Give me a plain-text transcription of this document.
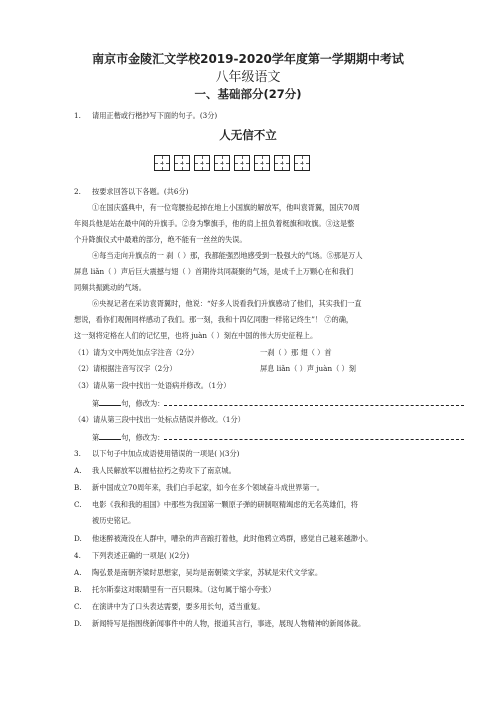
南京市金陵汇文学校2019-2020学年度第一学期期中考试
八年级语文
一、基础部分(27分)
1. 请用正楷或行楷抄写下面的句子。(3分)
人无信不立
2. 按要求回答以下各题。(共6分)
①在国庆盛典中，有一位弯腰捡起掉在地上小国旗的解放军，他叫袁胥翼，国庆70周
年阅兵他是站在最中间的升旗手。②身为擎旗手，他的肩上扭负着梃旗和收旗。③这是整
个升降旗仪式中最难的部分，绝不能有一丝丝的失误。
④每当走向升旗点的一 刹（ ）那，我都能强烈地感受到一股强大的气场。⑤那是万人
屏息 liǎn（ ）声后巨大震撼与翅（ ）首期待共同凝聚的气场，是成千上万颗心在和我们
同频共振跳动的气场。
⑥央视记者在采访袁胥翼时，他说：“好多人说看我们升旗感动了他们，其实我们一直
想说，看你们观佣同样感动了我们。那一刻，我和十四亿同胞一样铭记终生”！ ⑦的确，
这一刻将定格在人们的记忆里，也将 juàn（ ）刻在中国的伟大历史征程上。
（1）请为文中两处加点字注音（2分）	一刹（ ）那 翅（ ）首
（2）请根据注音写汉字（2分）	屏息 liǎn（ ）声 juàn（ ）刻
（3）请从第一段中找出一处语病并修改。（1分）
第	句，修改为：
（4）请从第三段中找出一处标点错误并修改。（1分）
第	句，修改为：
3. 以下句子中加点成语使用错误的一项是( )(3分)
A. 我人民解放军以摧枯拉朽之势攻下了南京城。
B. 新中国成立70周年来，我们白手起家，如今在多个领域奋斗成世界第一。
C. 电影《我和我的祖国》中那些为我国第一颗原子弹的研制呕精竭虑的无名英雄们，将
被历史铭记。
D. 他迷醉被淹没在人群中，嘈杂的声音踉打着他，此时他鸦立鸡群，感觉自己越来越渺小。
4. 下列表述正确的一项是( )(2分)
A. 陶弘景是南朝齐梁时思想家，吴均是南朝梁文学家，苏轼是宋代文学家。
B. 托尔斯泰这对眼睛里有一百只眼珠。（这句属于缩小夸张）
C. 在演讲中为了口头表达需要，要多用长句，适当重复。
D. 新闻特写是指围绕新闻事件中的人物，报道其言行，事迹，展现人物精神的新闻体裁。
